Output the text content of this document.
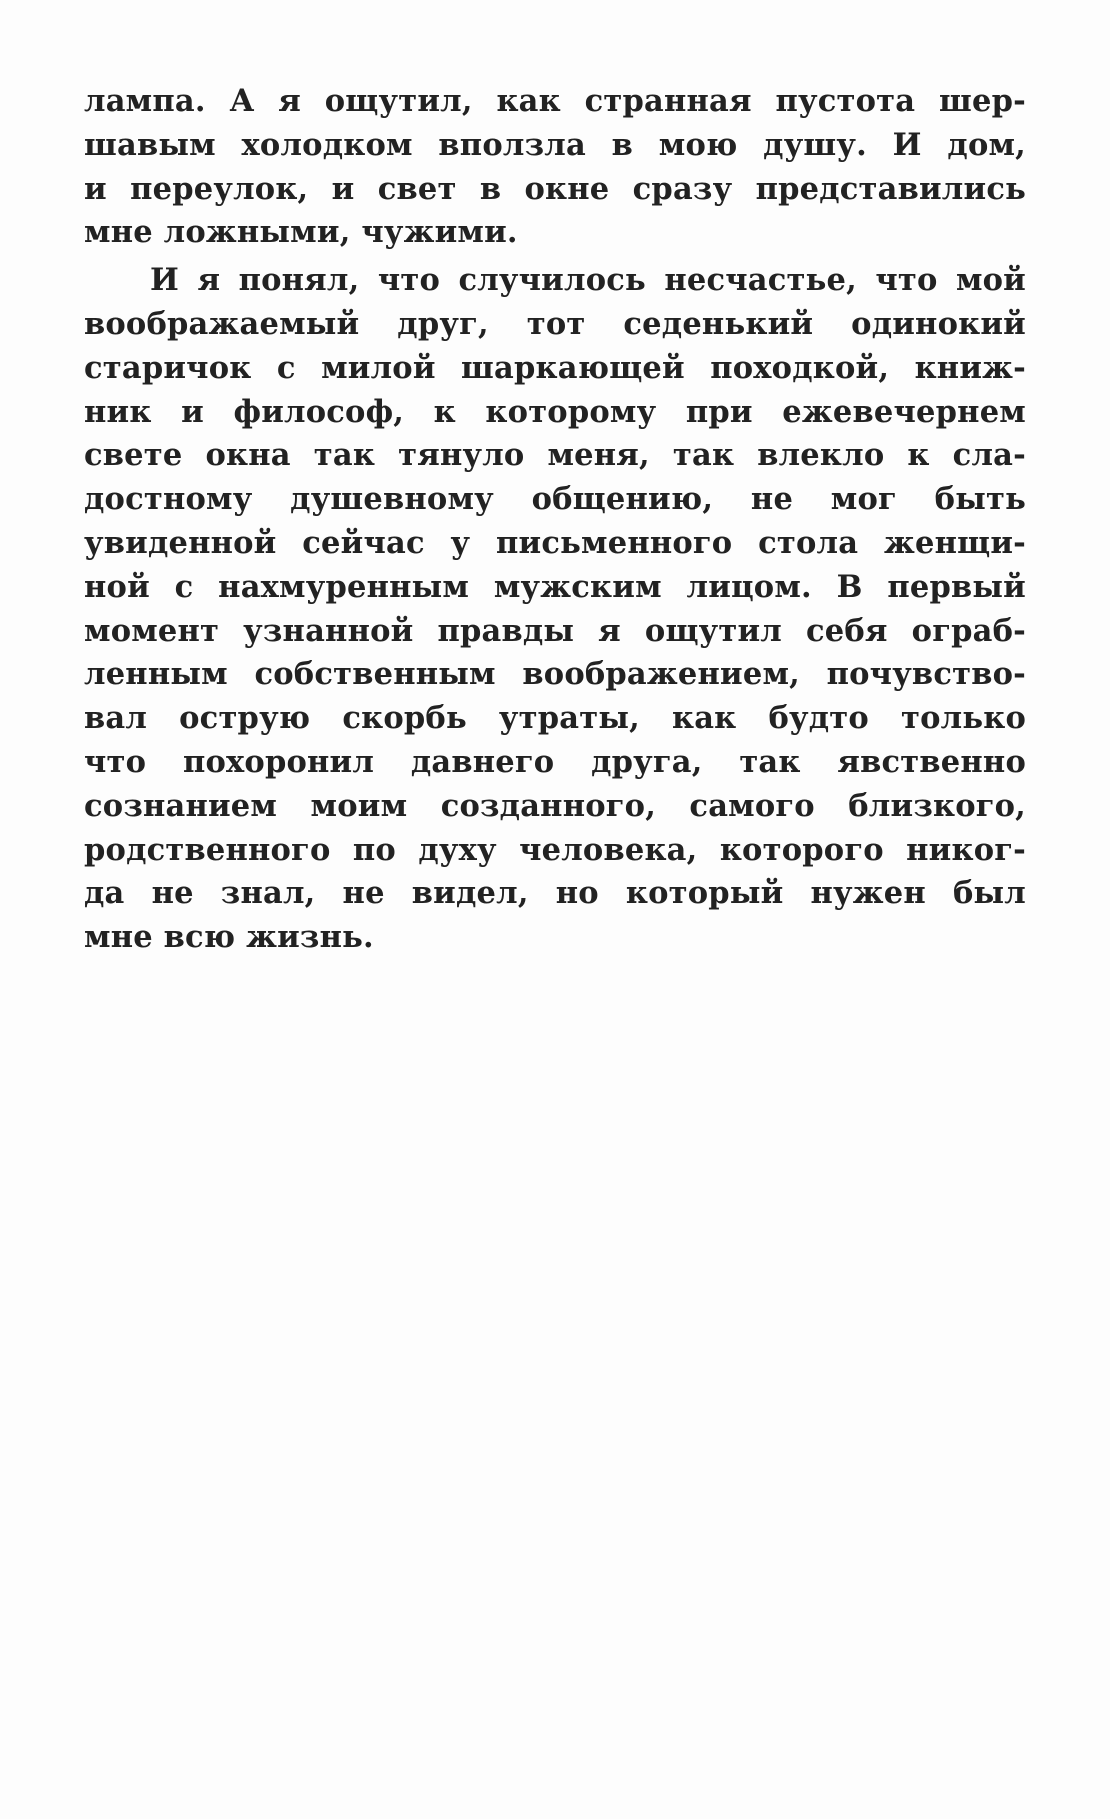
лампа. А я ощутил, как странная пустота шер-
шавым холодком вползла в мою душу. И дом,
и переулок, и свет в окне сразу представились
мне ложными, чужими.
И я понял, что случилось несчастье, что мой
воображаемый друг, тот седенький одинокий
старичок с милой шаркающей походкой, книж-
ник и философ, к которому при ежевечернем
свете окна так тянуло меня, так влекло к сла-
достному душевному общению, не мог быть
увиденной сейчас у письменного стола женщи-
ной с нахмуренным мужским лицом. В первый
момент узнанной правды я ощутил себя ограб-
ленным собственным воображением, почувство-
вал острую скорбь утраты, как будто только
что похоронил давнего друга, так явственно
сознанием моим созданного, самого близкого,
родственного по духу человека, которого никог-
да не знал, не видел, но который нужен был
мне всю жизнь.
